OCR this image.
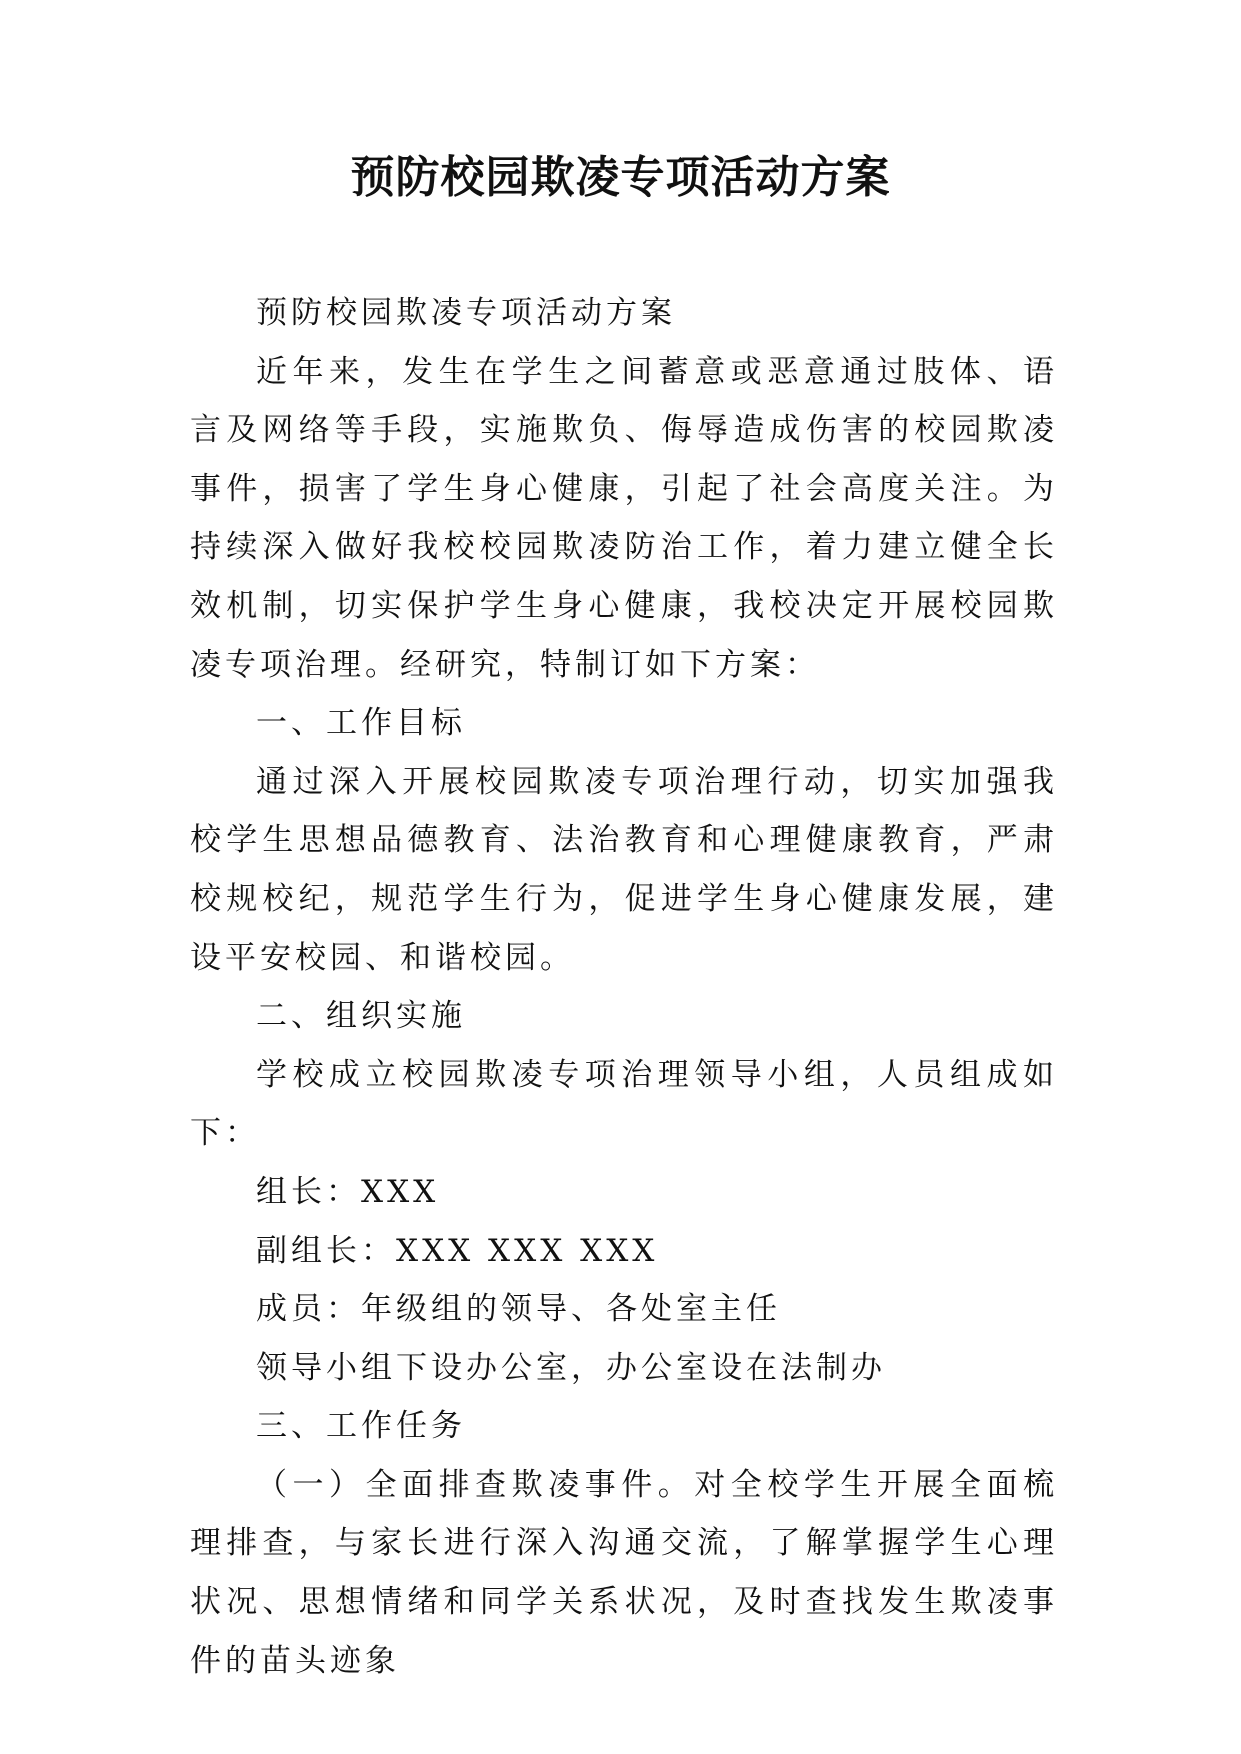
预防校园欺凌专项活动方案

预防校园欺凌专项活动方案

近年来，发生在学生之间蓄意或恶意通过肢体、语言及网络等手段，实施欺负、侮辱造成伤害的校园欺凌事件，损害了学生身心健康，引起了社会高度关注。为持续深入做好我校校园欺凌防治工作，着力建立健全长效机制，切实保护学生身心健康，我校决定开展校园欺凌专项治理。经研究，特制订如下方案：

一、工作目标

通过深入开展校园欺凌专项治理行动，切实加强我校学生思想品德教育、法治教育和心理健康教育，严肃校规校纪，规范学生行为，促进学生身心健康发展，建设平安校园、和谐校园。

二、组织实施

学校成立校园欺凌专项治理领导小组，人员组成如下：

组长：XXX

副组长：XXX XXX XXX

成员：年级组的领导、各处室主任

领导小组下设办公室，办公室设在法制办

三、工作任务

（一）全面排查欺凌事件。对全校学生开展全面梳理排查，与家长进行深入沟通交流，了解掌握学生心理状况、思想情绪和同学关系状况，及时查找发生欺凌事件的苗头迹象
